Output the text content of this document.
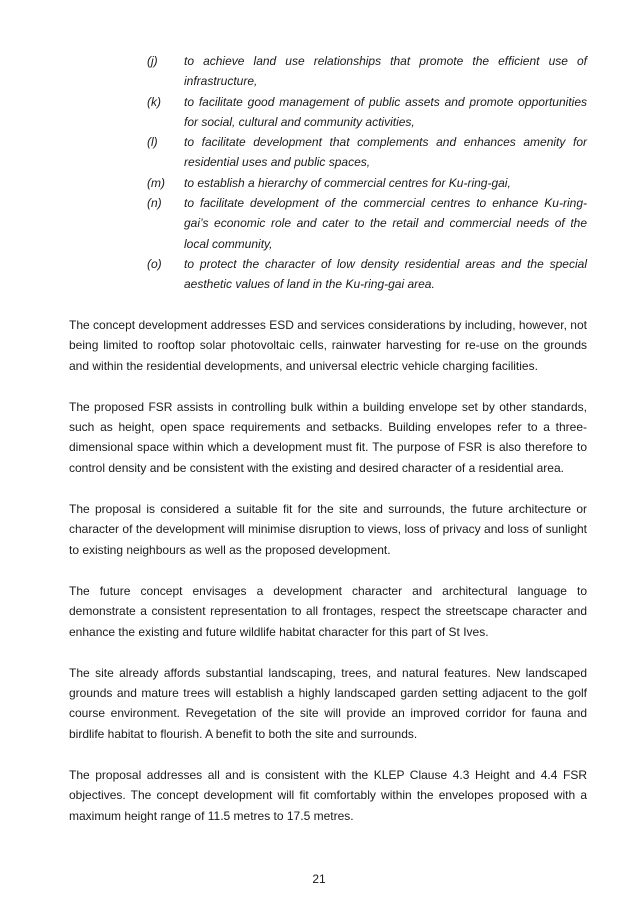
(j)	to achieve land use relationships that promote the efficient use of infrastructure,
(k)	to facilitate good management of public assets and promote opportunities for social, cultural and community activities,
(l)	to facilitate development that complements and enhances amenity for residential uses and public spaces,
(m)	to establish a hierarchy of commercial centres for Ku-ring-gai,
(n)	to facilitate development of the commercial centres to enhance Ku-ring-gai’s economic role and cater to the retail and commercial needs of the local community,
(o)	to protect the character of low density residential areas and the special aesthetic values of land in the Ku-ring-gai area.

The concept development addresses ESD and services considerations by including, however, not being limited to rooftop solar photovoltaic cells, rainwater harvesting for re-use on the grounds and within the residential developments, and universal electric vehicle charging facilities.

The proposed FSR assists in controlling bulk within a building envelope set by other standards, such as height, open space requirements and setbacks. Building envelopes refer to a three-dimensional space within which a development must fit. The purpose of FSR is also therefore to control density and be consistent with the existing and desired character of a residential area.

The proposal is considered a suitable fit for the site and surrounds, the future architecture or character of the development will minimise disruption to views, loss of privacy and loss of sunlight to existing neighbours as well as the proposed development.

The future concept envisages a development character and architectural language to demonstrate a consistent representation to all frontages, respect the streetscape character and enhance the existing and future wildlife habitat character for this part of St Ives.

The site already affords substantial landscaping, trees, and natural features. New landscaped grounds and mature trees will establish a highly landscaped garden setting adjacent to the golf course environment. Revegetation of the site will provide an improved corridor for fauna and birdlife habitat to flourish. A benefit to both the site and surrounds.

The proposal addresses all and is consistent with the KLEP Clause 4.3 Height and 4.4 FSR objectives. The concept development will fit comfortably within the envelopes proposed with a maximum height range of 11.5 metres to 17.5 metres.

21
